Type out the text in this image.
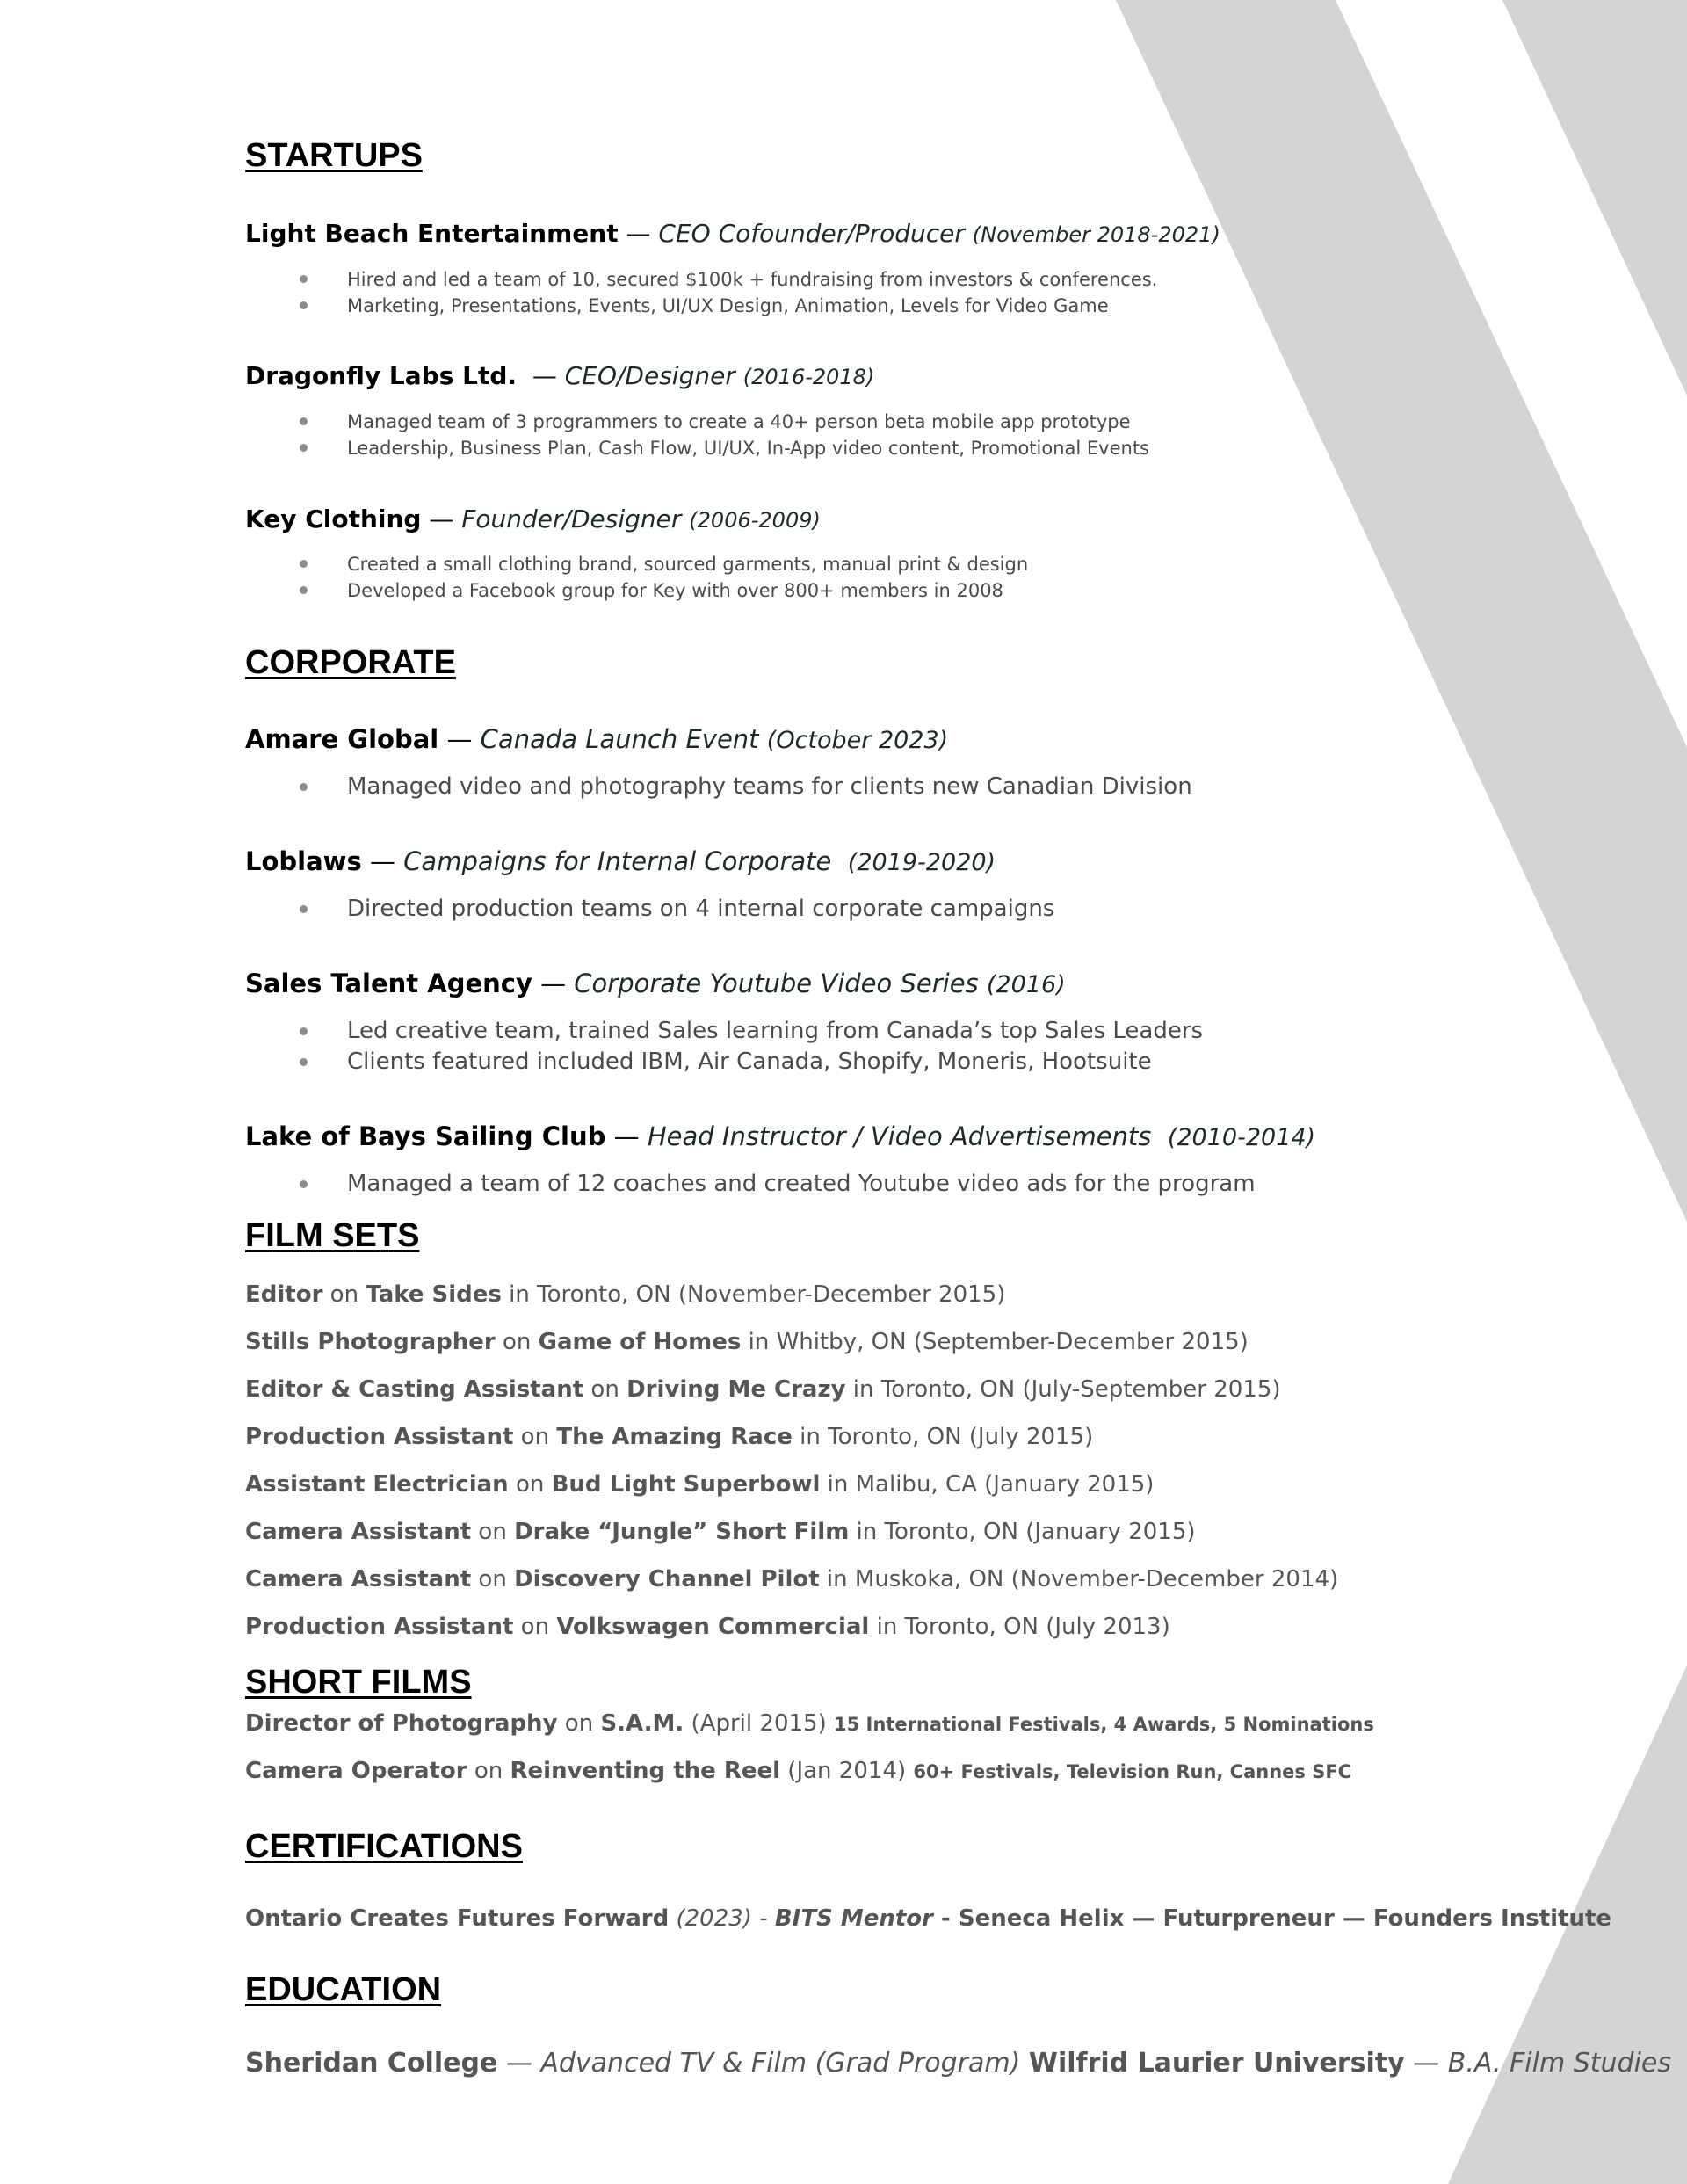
STARTUPS
Light Beach Entertainment — CEO Cofounder/Producer (November 2018-2021)
Hired and led a team of 10, secured $100k + fundraising from investors & conferences.
Marketing, Presentations, Events, UI/UX Design, Animation, Levels for Video Game
Dragonfly Labs Ltd.  — CEO/Designer (2016-2018)
Managed team of 3 programmers to create a 40+ person beta mobile app prototype
Leadership, Business Plan, Cash Flow, UI/UX, In-App video content, Promotional Events
Key Clothing — Founder/Designer (2006-2009)
Created a small clothing brand, sourced garments, manual print & design
Developed a Facebook group for Key with over 800+ members in 2008
CORPORATE
Amare Global — Canada Launch Event (October 2023)
Managed video and photography teams for clients new Canadian Division
Loblaws — Campaigns for Internal Corporate (2019-2020)
Directed production teams on 4 internal corporate campaigns
Sales Talent Agency — Corporate Youtube Video Series (2016)
Led creative team, trained Sales learning from Canada’s top Sales Leaders
Clients featured included IBM, Air Canada, Shopify, Moneris, Hootsuite
Lake of Bays Sailing Club — Head Instructor / Video Advertisements (2010-2014)
Managed a team of 12 coaches and created Youtube video ads for the program
FILM SETS
Editor on Take Sides in Toronto, ON (November-December 2015)
Stills Photographer on Game of Homes in Whitby, ON (September-December 2015)
Editor & Casting Assistant on Driving Me Crazy in Toronto, ON (July-September 2015)
Production Assistant on The Amazing Race in Toronto, ON (July 2015)
Assistant Electrician on Bud Light Superbowl in Malibu, CA (January 2015)
Camera Assistant on Drake “Jungle” Short Film in Toronto, ON (January 2015)
Camera Assistant on Discovery Channel Pilot in Muskoka, ON (November-December 2014)
Production Assistant on Volkswagen Commercial in Toronto, ON (July 2013)
SHORT FILMS
Director of Photography on S.A.M. (April 2015) 15 International Festivals, 4 Awards, 5 Nominations
Camera Operator on Reinventing the Reel (Jan 2014) 60+ Festivals, Television Run, Cannes SFC
CERTIFICATIONS
Ontario Creates Futures Forward (2023) - BITS Mentor - Seneca Helix — Futurpreneur — Founders Institute
EDUCATION
Sheridan College — Advanced TV & Film (Grad Program) Wilfrid Laurier University — B.A. Film Studies
